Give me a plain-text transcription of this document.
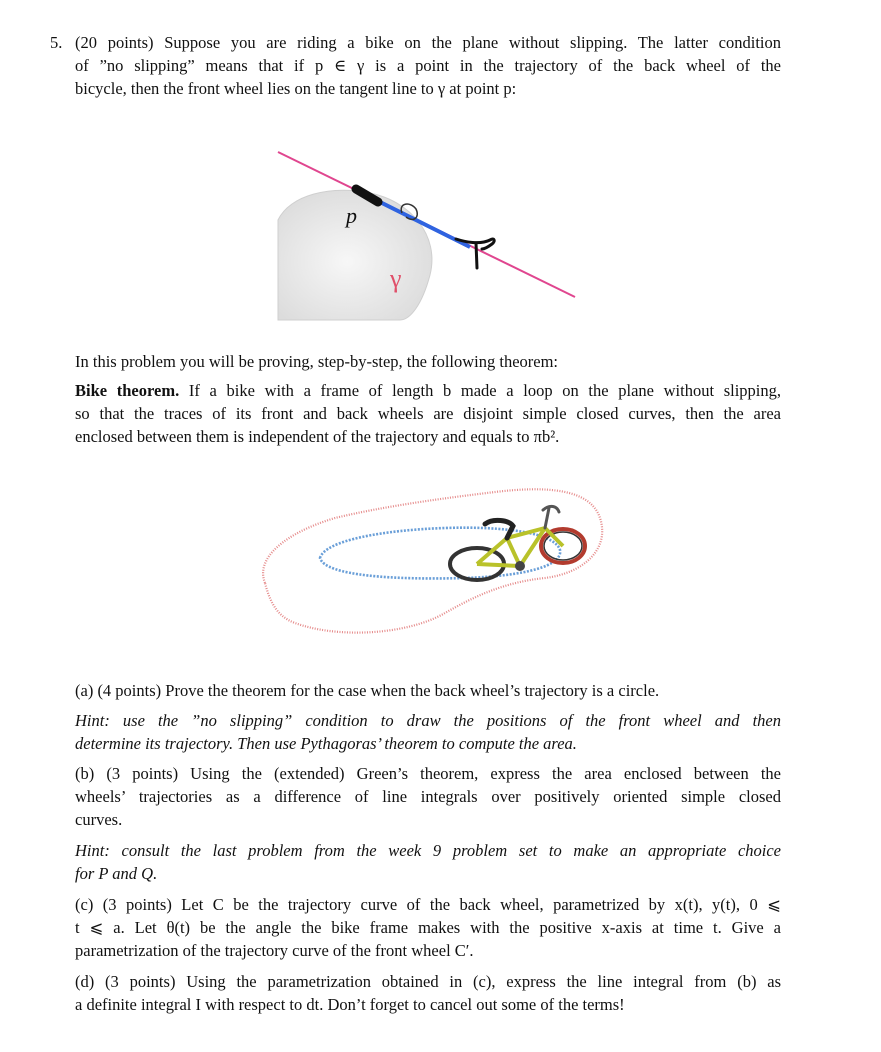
5. (20 points) Suppose you are riding a bike on the plane without slipping. The latter condition
of ”no slipping” means that if p ∈ γ is a point in the trajectory of the back wheel of the
bicycle, then the front wheel lies on the tangent line to γ at point p:
p
γ
In this problem you will be proving, step-by-step, the following theorem:
Bike theorem. If a bike with a frame of length b made a loop on the plane without slipping,
so that the traces of its front and back wheels are disjoint simple closed curves, then the area
enclosed between them is independent of the trajectory and equals to πb².
(a) (4 points) Prove the theorem for the case when the back wheel’s trajectory is a circle.
Hint: use the ”no slipping” condition to draw the positions of the front wheel and then
determine its trajectory. Then use Pythagoras’ theorem to compute the area.
(b) (3 points) Using the (extended) Green’s theorem, express the area enclosed between the
wheels’ trajectories as a difference of line integrals over positively oriented simple closed
curves.
Hint: consult the last problem from the week 9 problem set to make an appropriate choice
for P and Q.
(c) (3 points) Let C be the trajectory curve of the back wheel, parametrized by x(t), y(t), 0 ⩽
t ⩽ a. Let θ(t) be the angle the bike frame makes with the positive x-axis at time t. Give a
parametrization of the trajectory curve of the front wheel C′.
(d) (3 points) Using the parametrization obtained in (c), express the line integral from (b) as
a definite integral I with respect to dt. Don’t forget to cancel out some of the terms!
